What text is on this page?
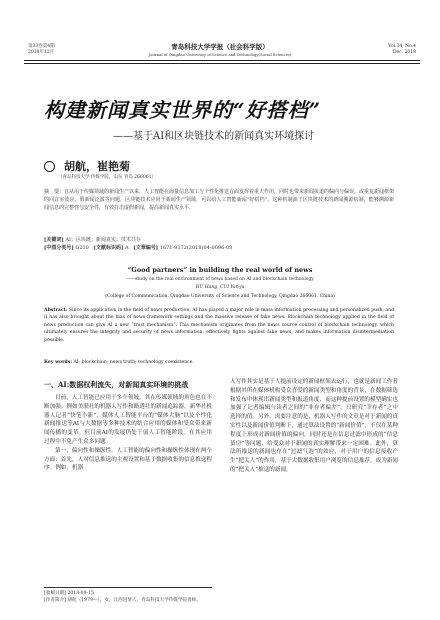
第33卷第4期
2018年12月
青岛科技大学学报（社会科学版）
Journal of Qingdao University of Science and Technology(Social Sciences)
Vol.34, No.4
Dec. 2018
构建新闻真实世界的“好搭档”
——基于AI和区块链技术的新闻真实环境探讨
胡航，崔艳菊
（青岛科技大学 传媒学院，山东 青岛 266061）
摘　要：自从用于传媒领域的新闻生产以来，人工智能在海量信息加工与个性化推送方面发挥着重大作用，同时也带来新闻报道的偏向与偏误，或重复新闻框架的回音室效应、假新闻泛滥等问题，区块链技术应用于新闻生产领域，可以给人工智能新闻“好搭档”，这种机制源于区块链技术的新闻溯源机制，能够溯源新闻信息的完整性与安全性，有效打击虚假新闻，提高新闻真实水平。
[关键词] AI；区块链；新闻真实；技术共存
[中图分类号] G210 [文献标识码] A [文章编号] 1671-9372(2018)04-0096-03
“Good partners” in building the real world of news
——study on the real environment of news based on AI and blockchain technology
HU Hang, CUI Yan-ju
(College of Communication, Qingdao University of Science and Technology, Qingdao 266061, China)
Abstract: Since its application in the field of news production, AI has played a major role in mass information processing and personalized push, and it has also brought about the bias of news framework settings and the massive release of fake news. Blockchain technology applied in the field of news production can give AI a new “trust mechanism”. This mechanism originates from the news source control of blockchain technology, which ultimately ensures the integrity and security of news information, effectively fights against fake news, and makes information disintermediation possible.
Key words: AI; blockchain; news truth; technology coexistence
一、AI:数据权利流失，对新闻真实环境的挑战

目前，人工智能已应用于多个领域，其在传媒领域的角色也在不断加强。例如美联社的机器人写作和路透社的新闻追踪器，新华社机器人记者“快笔小新”，媒体人工智能平台的“媒体大脑”以及个性化新闻推送等AI与大数据等多种技术的结合应用的媒体和受众带来新闻传播的变革。但目前AI的发展仍处于弱人工智能阶段，在其应用过程中不免产生众多问题。

第一，偏向性和操纵性。人工智能的偏向性和操纵性体现在两个方面：首先，人对信息推送的主观设置和基于数据收集的信息推送程序。例如，机器

人写作其实是基于人提前设定的新闻框架去运行，也就是新闻工作者根据其所在媒体机构受众喜爱的新闻类型和角度的背景，在数据筛选和发布中体现出新闻类型和报道角度，而这种提前设置的模型确实也加强了记者编辑与读者之间的“非存者偏差”，只研究“幸存者”之中选择的值。另外，需要注意的是，机器人写作的文章是对于新闻的真实性以及新闻价值判断下，通过算法设置的“新闻价值”，不仅在某种程度上形成对新闻价值的偏向，同时还是在信息过滤中形成的“信息茧房”等问题，给受众对于新闻的真实理解带来一定困难。此外，算法所推送的新闻也存在“过滤气泡”的效应，对于用户的信息接收产生“把关人”的作用，基于大数据收集用户浏览的信息推荐，成为新闻的“把关人”推送的新闻。

[收稿日期] 2018-09-15
[作者简介] 胡航（1979—），女，江西进贤人，青岛科技大学传媒学院讲师。
